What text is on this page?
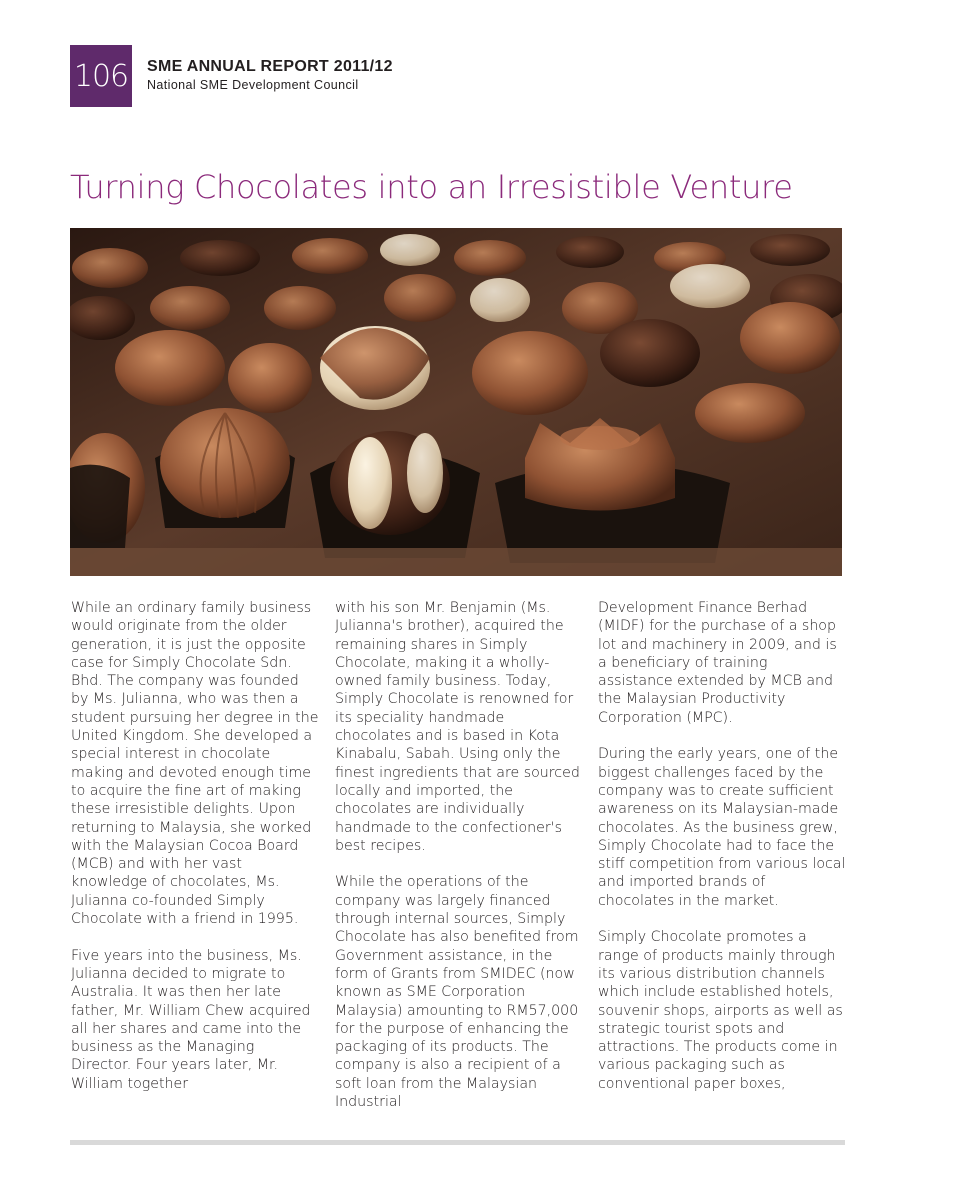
106 SME ANNUAL REPORT 2011/12
National SME Development Council
Turning Chocolates into an Irresistible Venture

While an ordinary family business would originate from the older generation, it is just the opposite case for Simply Chocolate Sdn. Bhd. The company was founded by Ms. Julianna, who was then a student pursuing her degree in the United Kingdom. She developed a special interest in chocolate making and devoted enough time to acquire the fine art of making these irresistible delights. Upon returning to Malaysia, she worked with the Malaysian Cocoa Board (MCB) and with her vast knowledge of chocolates, Ms. Julianna co-founded Simply Chocolate with a friend in 1995.

Five years into the business, Ms. Julianna decided to migrate to Australia. It was then her late father, Mr. William Chew acquired all her shares and came into the business as the Managing Director. Four years later, Mr. William together

with his son Mr. Benjamin (Ms. Julianna's brother), acquired the remaining shares in Simply Chocolate, making it a wholly-owned family business. Today, Simply Chocolate is renowned for its speciality handmade chocolates and is based in Kota Kinabalu, Sabah. Using only the finest ingredients that are sourced locally and imported, the chocolates are individually handmade to the confectioner's best recipes.

While the operations of the company was largely financed through internal sources, Simply Chocolate has also benefited from Government assistance, in the form of Grants from SMIDEC (now known as SME Corporation Malaysia) amounting to RM57,000 for the purpose of enhancing the packaging of its products. The company is also a recipient of a soft loan from the Malaysian Industrial

Development Finance Berhad (MIDF) for the purchase of a shop lot and machinery in 2009, and is a beneficiary of training assistance extended by MCB and the Malaysian Productivity Corporation (MPC).

During the early years, one of the biggest challenges faced by the company was to create sufficient awareness on its Malaysian-made chocolates. As the business grew, Simply Chocolate had to face the stiff competition from various local and imported brands of chocolates in the market.

Simply Chocolate promotes a range of products mainly through its various distribution channels which include established hotels, souvenir shops, airports as well as strategic tourist spots and attractions. The products come in various packaging such as conventional paper boxes,
